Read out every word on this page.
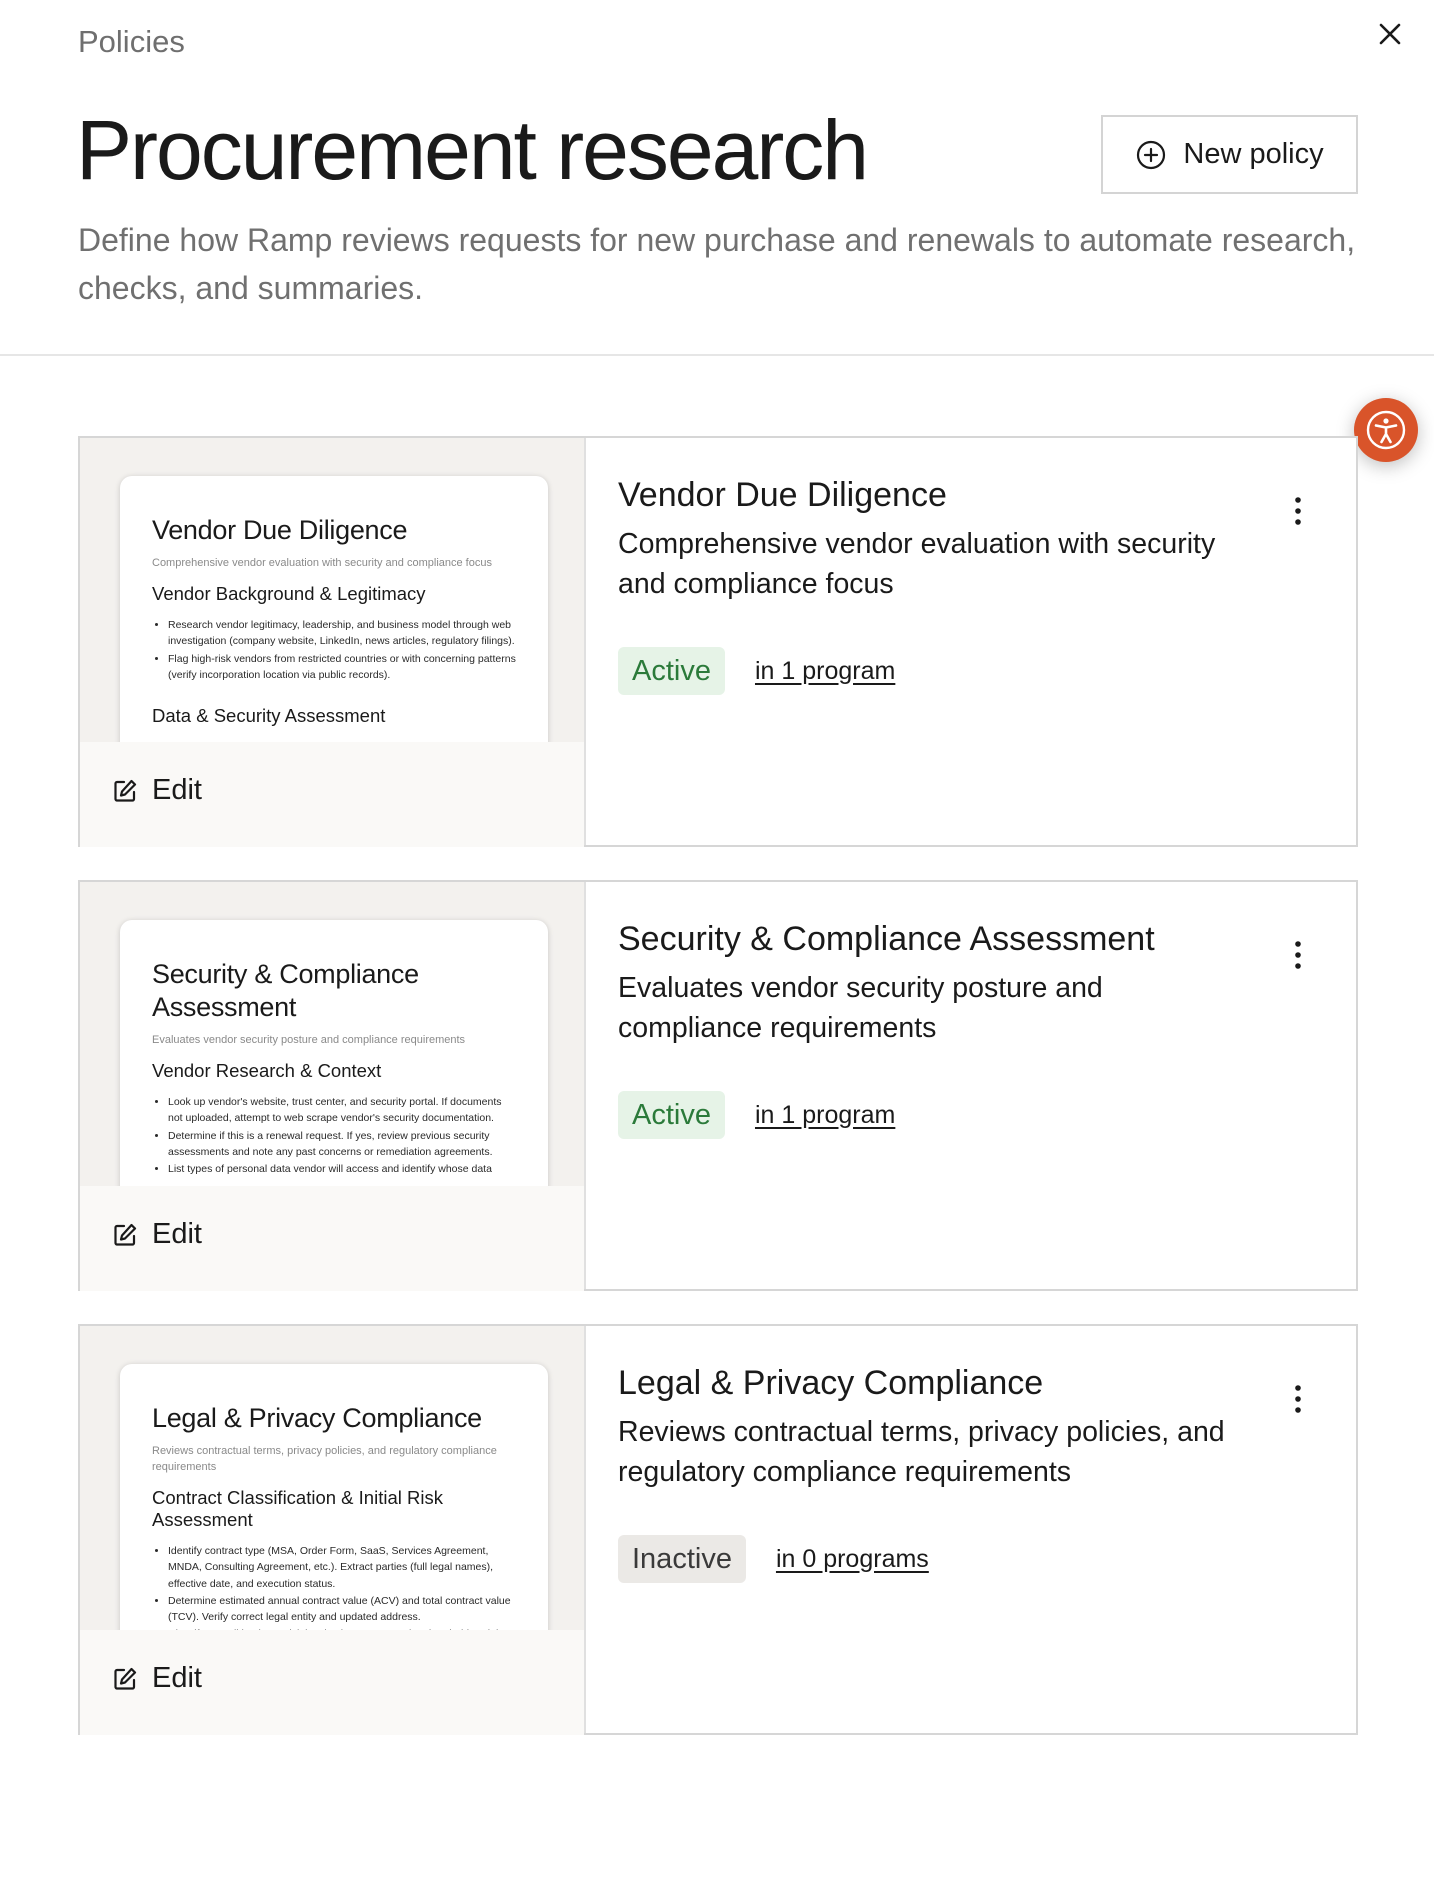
Policies
Procurement research	New policy

Define how Ramp reviews requests for new purchase and renewals to automate research, checks, and summaries.

Vendor Due Diligence
Comprehensive vendor evaluation with security and compliance focus
Vendor Background & Legitimacy
• Research vendor legitimacy, leadership, and business model through web investigation (company website, LinkedIn, news articles, regulatory filings).
• Flag high-risk vendors from restricted countries or with concerning patterns (verify incorporation location via public records).
Data & Security Assessment
Edit
Vendor Due Diligence
Comprehensive vendor evaluation with security and compliance focus
Active	in 1 program
Security & Compliance Assessment
Evaluates vendor security posture and compliance requirements
Vendor Research & Context
• Look up vendor's website, trust center, and security portal. If documents not uploaded, attempt to web scrape vendor's security documentation.
• Determine if this is a renewal request. If yes, review previous security assessments and note any past concerns or remediation agreements.
• List types of personal data vendor will access and identify whose data
Edit
Security & Compliance Assessment
Evaluates vendor security posture and compliance requirements
Active	in 1 program
Legal & Privacy Compliance
Reviews contractual terms, privacy policies, and regulatory compliance requirements
Contract Classification & Initial Risk Assessment
• Identify contract type (MSA, Order Form, SaaS, Services Agreement, MNDA, Consulting Agreement, etc.). Extract parties (full legal names), effective date, and execution status.
• Determine estimated annual contract value (ACV) and total contract value (TCV). Verify correct legal entity and updated address.
•
Edit
Legal & Privacy Compliance
Reviews contractual terms, privacy policies, and regulatory compliance requirements
Inactive	in 0 programs
